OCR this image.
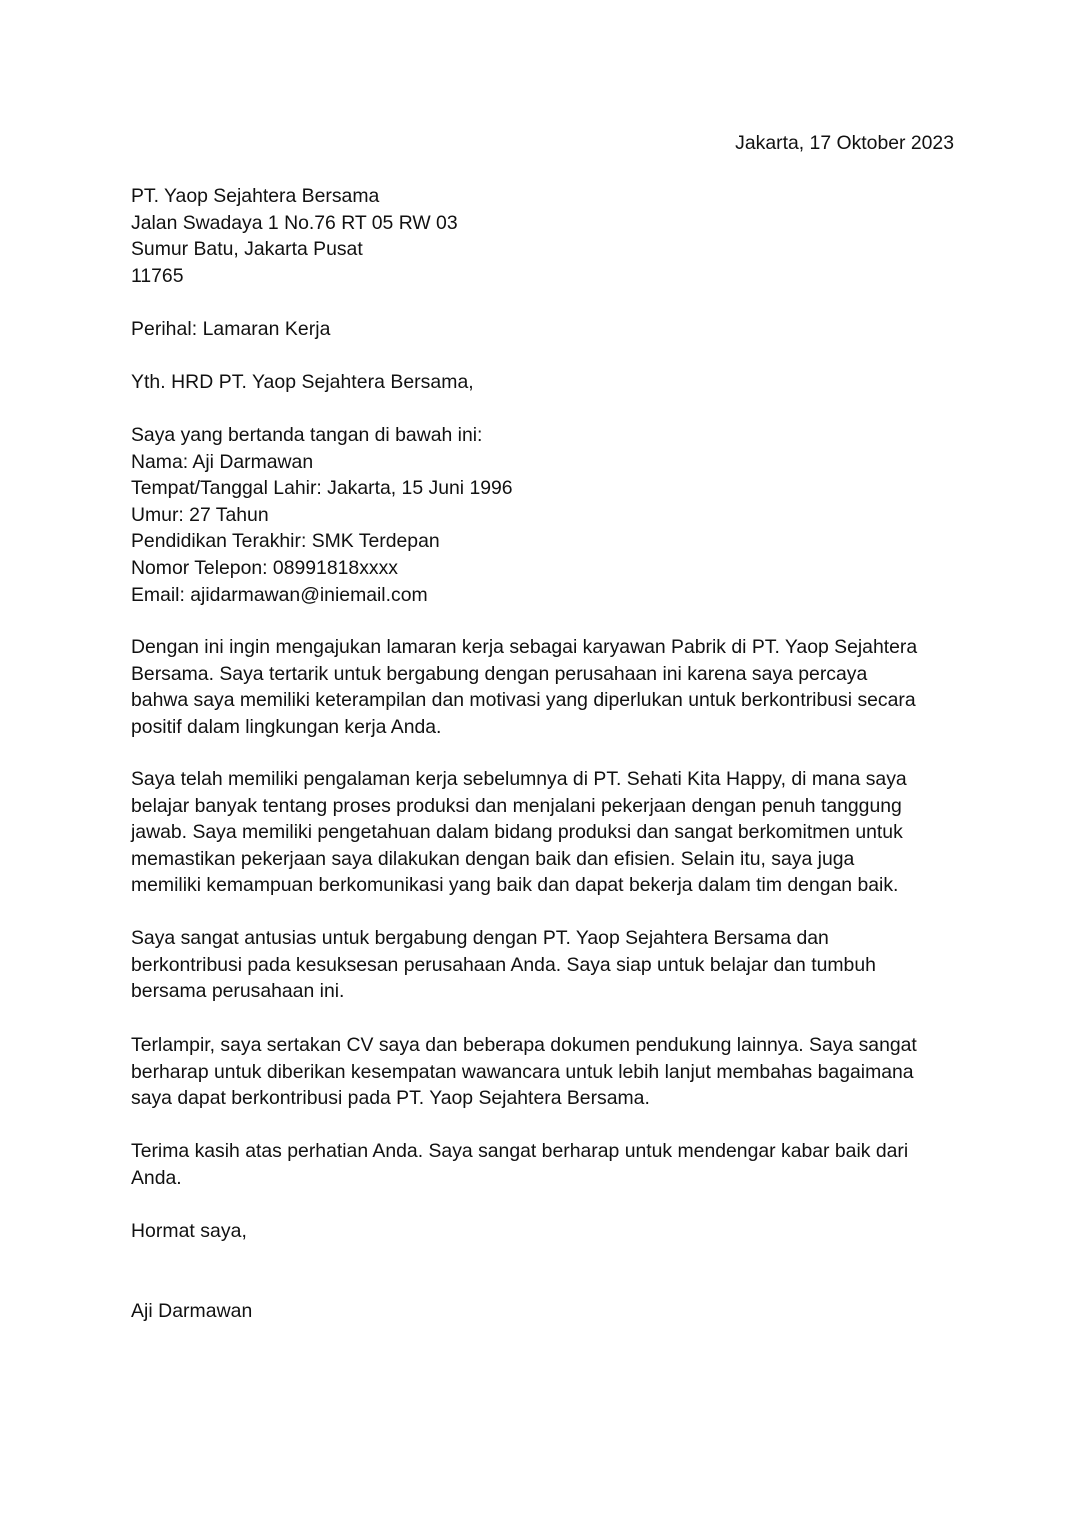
Jakarta, 17 Oktober 2023
PT. Yaop Sejahtera Bersama
Jalan Swadaya 1 No.76 RT 05 RW 03
Sumur Batu, Jakarta Pusat
11765
Perihal: Lamaran Kerja
Yth. HRD PT. Yaop Sejahtera Bersama,
Saya yang bertanda tangan di bawah ini:
Nama: Aji Darmawan
Tempat/Tanggal Lahir: Jakarta, 15 Juni 1996
Umur: 27 Tahun
Pendidikan Terakhir: SMK Terdepan
Nomor Telepon: 08991818xxxx
Email: ajidarmawan@iniemail.com
Dengan ini ingin mengajukan lamaran kerja sebagai karyawan Pabrik di PT. Yaop Sejahtera
Bersama. Saya tertarik untuk bergabung dengan perusahaan ini karena saya percaya
bahwa saya memiliki keterampilan dan motivasi yang diperlukan untuk berkontribusi secara
positif dalam lingkungan kerja Anda.
Saya telah memiliki pengalaman kerja sebelumnya di PT. Sehati Kita Happy, di mana saya
belajar banyak tentang proses produksi dan menjalani pekerjaan dengan penuh tanggung
jawab. Saya memiliki pengetahuan dalam bidang produksi dan sangat berkomitmen untuk
memastikan pekerjaan saya dilakukan dengan baik dan efisien. Selain itu, saya juga
memiliki kemampuan berkomunikasi yang baik dan dapat bekerja dalam tim dengan baik.
Saya sangat antusias untuk bergabung dengan PT. Yaop Sejahtera Bersama dan
berkontribusi pada kesuksesan perusahaan Anda. Saya siap untuk belajar dan tumbuh
bersama perusahaan ini.
Terlampir, saya sertakan CV saya dan beberapa dokumen pendukung lainnya. Saya sangat
berharap untuk diberikan kesempatan wawancara untuk lebih lanjut membahas bagaimana
saya dapat berkontribusi pada PT. Yaop Sejahtera Bersama.
Terima kasih atas perhatian Anda. Saya sangat berharap untuk mendengar kabar baik dari
Anda.
Hormat saya,
Aji Darmawan
